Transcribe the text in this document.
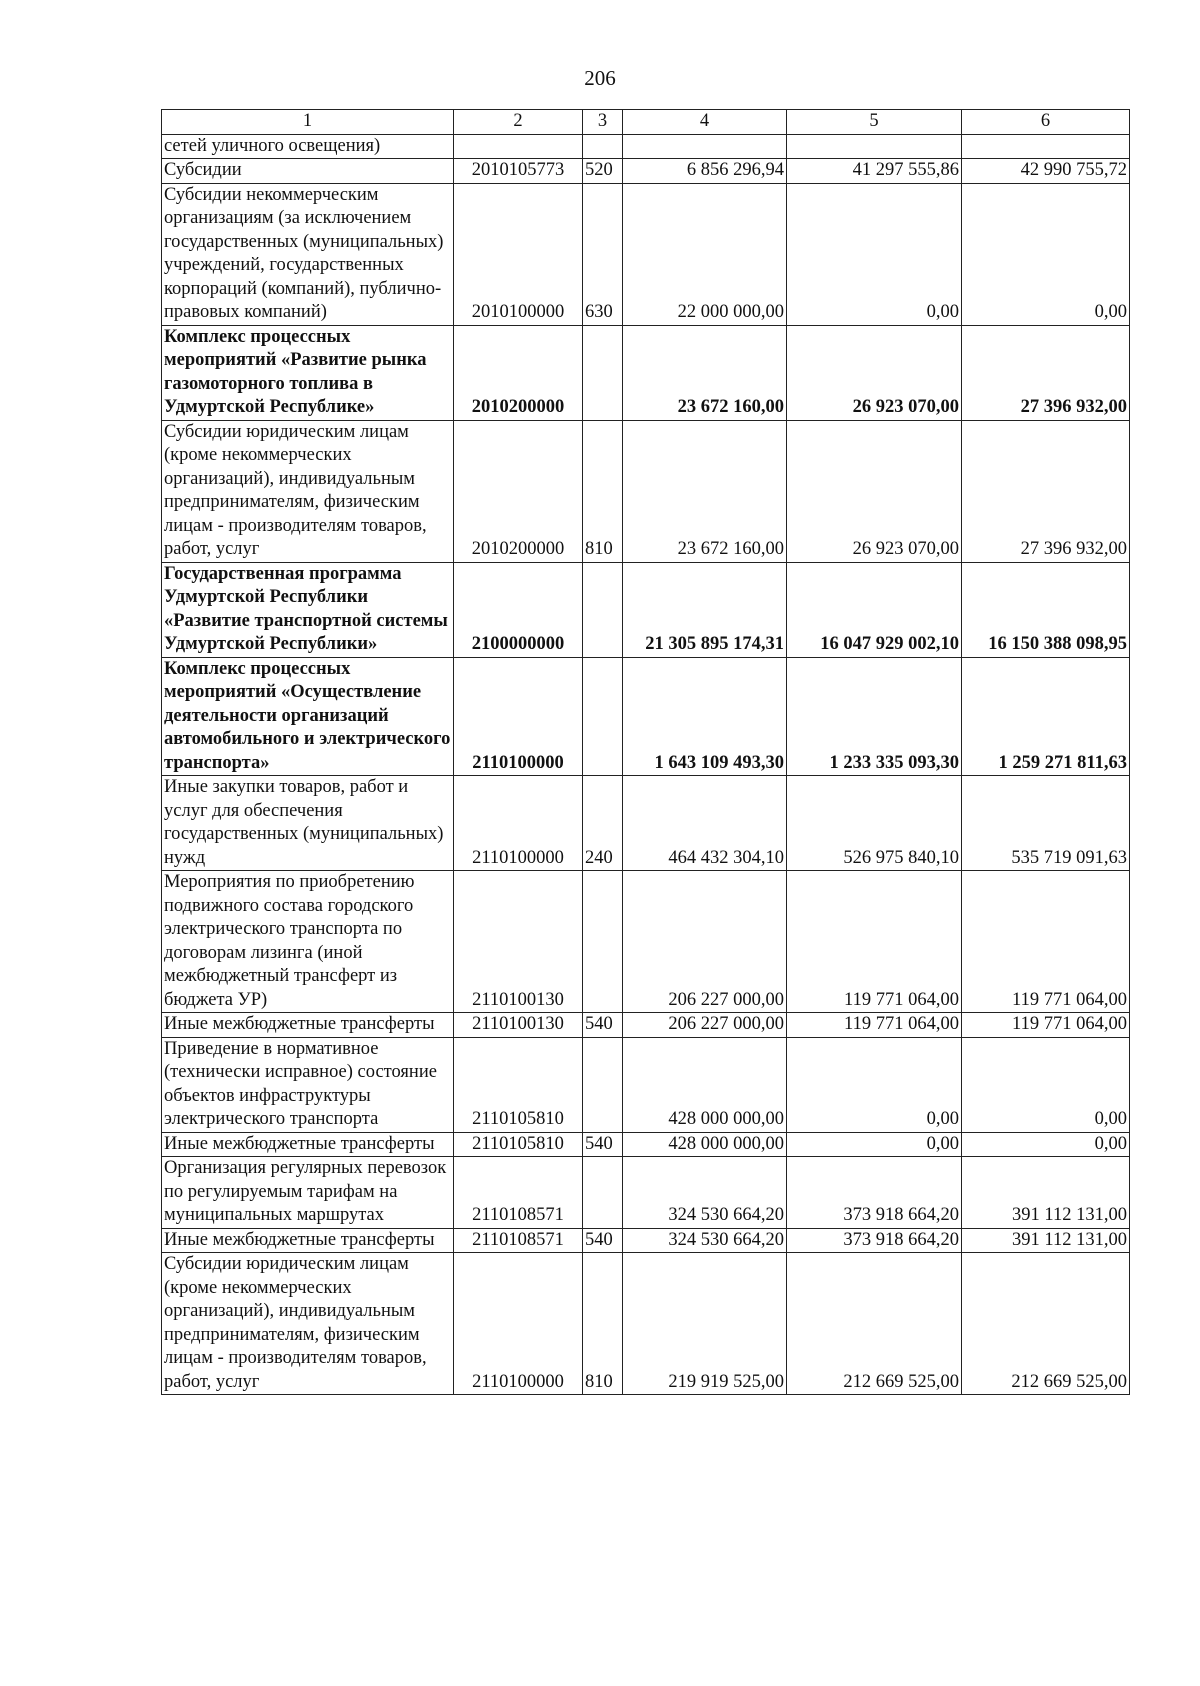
206
1	2	3	4	5	6
сетей уличного освещения)					
Субсидии	2010105773	520	6 856 296,94	41 297 555,86	42 990 755,72
Субсидии некоммерческим организациям (за исключением государственных (муниципальных) учреждений, государственных корпораций (компаний), публично-правовых компаний)	2010100000	630	22 000 000,00	0,00	0,00
Комплекс процессных мероприятий «Развитие рынка газомоторного топлива в Удмуртской Республике»	2010200000		23 672 160,00	26 923 070,00	27 396 932,00
Субсидии юридическим лицам (кроме некоммерческих организаций), индивидуальным предпринимателям, физическим лицам - производителям товаров, работ, услуг	2010200000	810	23 672 160,00	26 923 070,00	27 396 932,00
Государственная программа Удмуртской Республики «Развитие транспортной системы Удмуртской Республики»	2100000000		21 305 895 174,31	16 047 929 002,10	16 150 388 098,95
Комплекс процессных мероприятий «Осуществление деятельности организаций автомобильного и электрического транспорта»	2110100000		1 643 109 493,30	1 233 335 093,30	1 259 271 811,63
Иные закупки товаров, работ и услуг для обеспечения государственных (муниципальных) нужд	2110100000	240	464 432 304,10	526 975 840,10	535 719 091,63
Мероприятия по приобретению подвижного состава городского электрического транспорта по договорам лизинга (иной межбюджетный трансферт из бюджета УР)	2110100130		206 227 000,00	119 771 064,00	119 771 064,00
Иные межбюджетные трансферты	2110100130	540	206 227 000,00	119 771 064,00	119 771 064,00
Приведение в нормативное (технически исправное) состояние объектов инфраструктуры электрического транспорта	2110105810		428 000 000,00	0,00	0,00
Иные межбюджетные трансферты	2110105810	540	428 000 000,00	0,00	0,00
Организация регулярных перевозок по регулируемым тарифам на муниципальных маршрутах	2110108571		324 530 664,20	373 918 664,20	391 112 131,00
Иные межбюджетные трансферты	2110108571	540	324 530 664,20	373 918 664,20	391 112 131,00
Субсидии юридическим лицам (кроме некоммерческих организаций), индивидуальным предпринимателям, физическим лицам - производителям товаров, работ, услуг	2110100000	810	219 919 525,00	212 669 525,00	212 669 525,00
